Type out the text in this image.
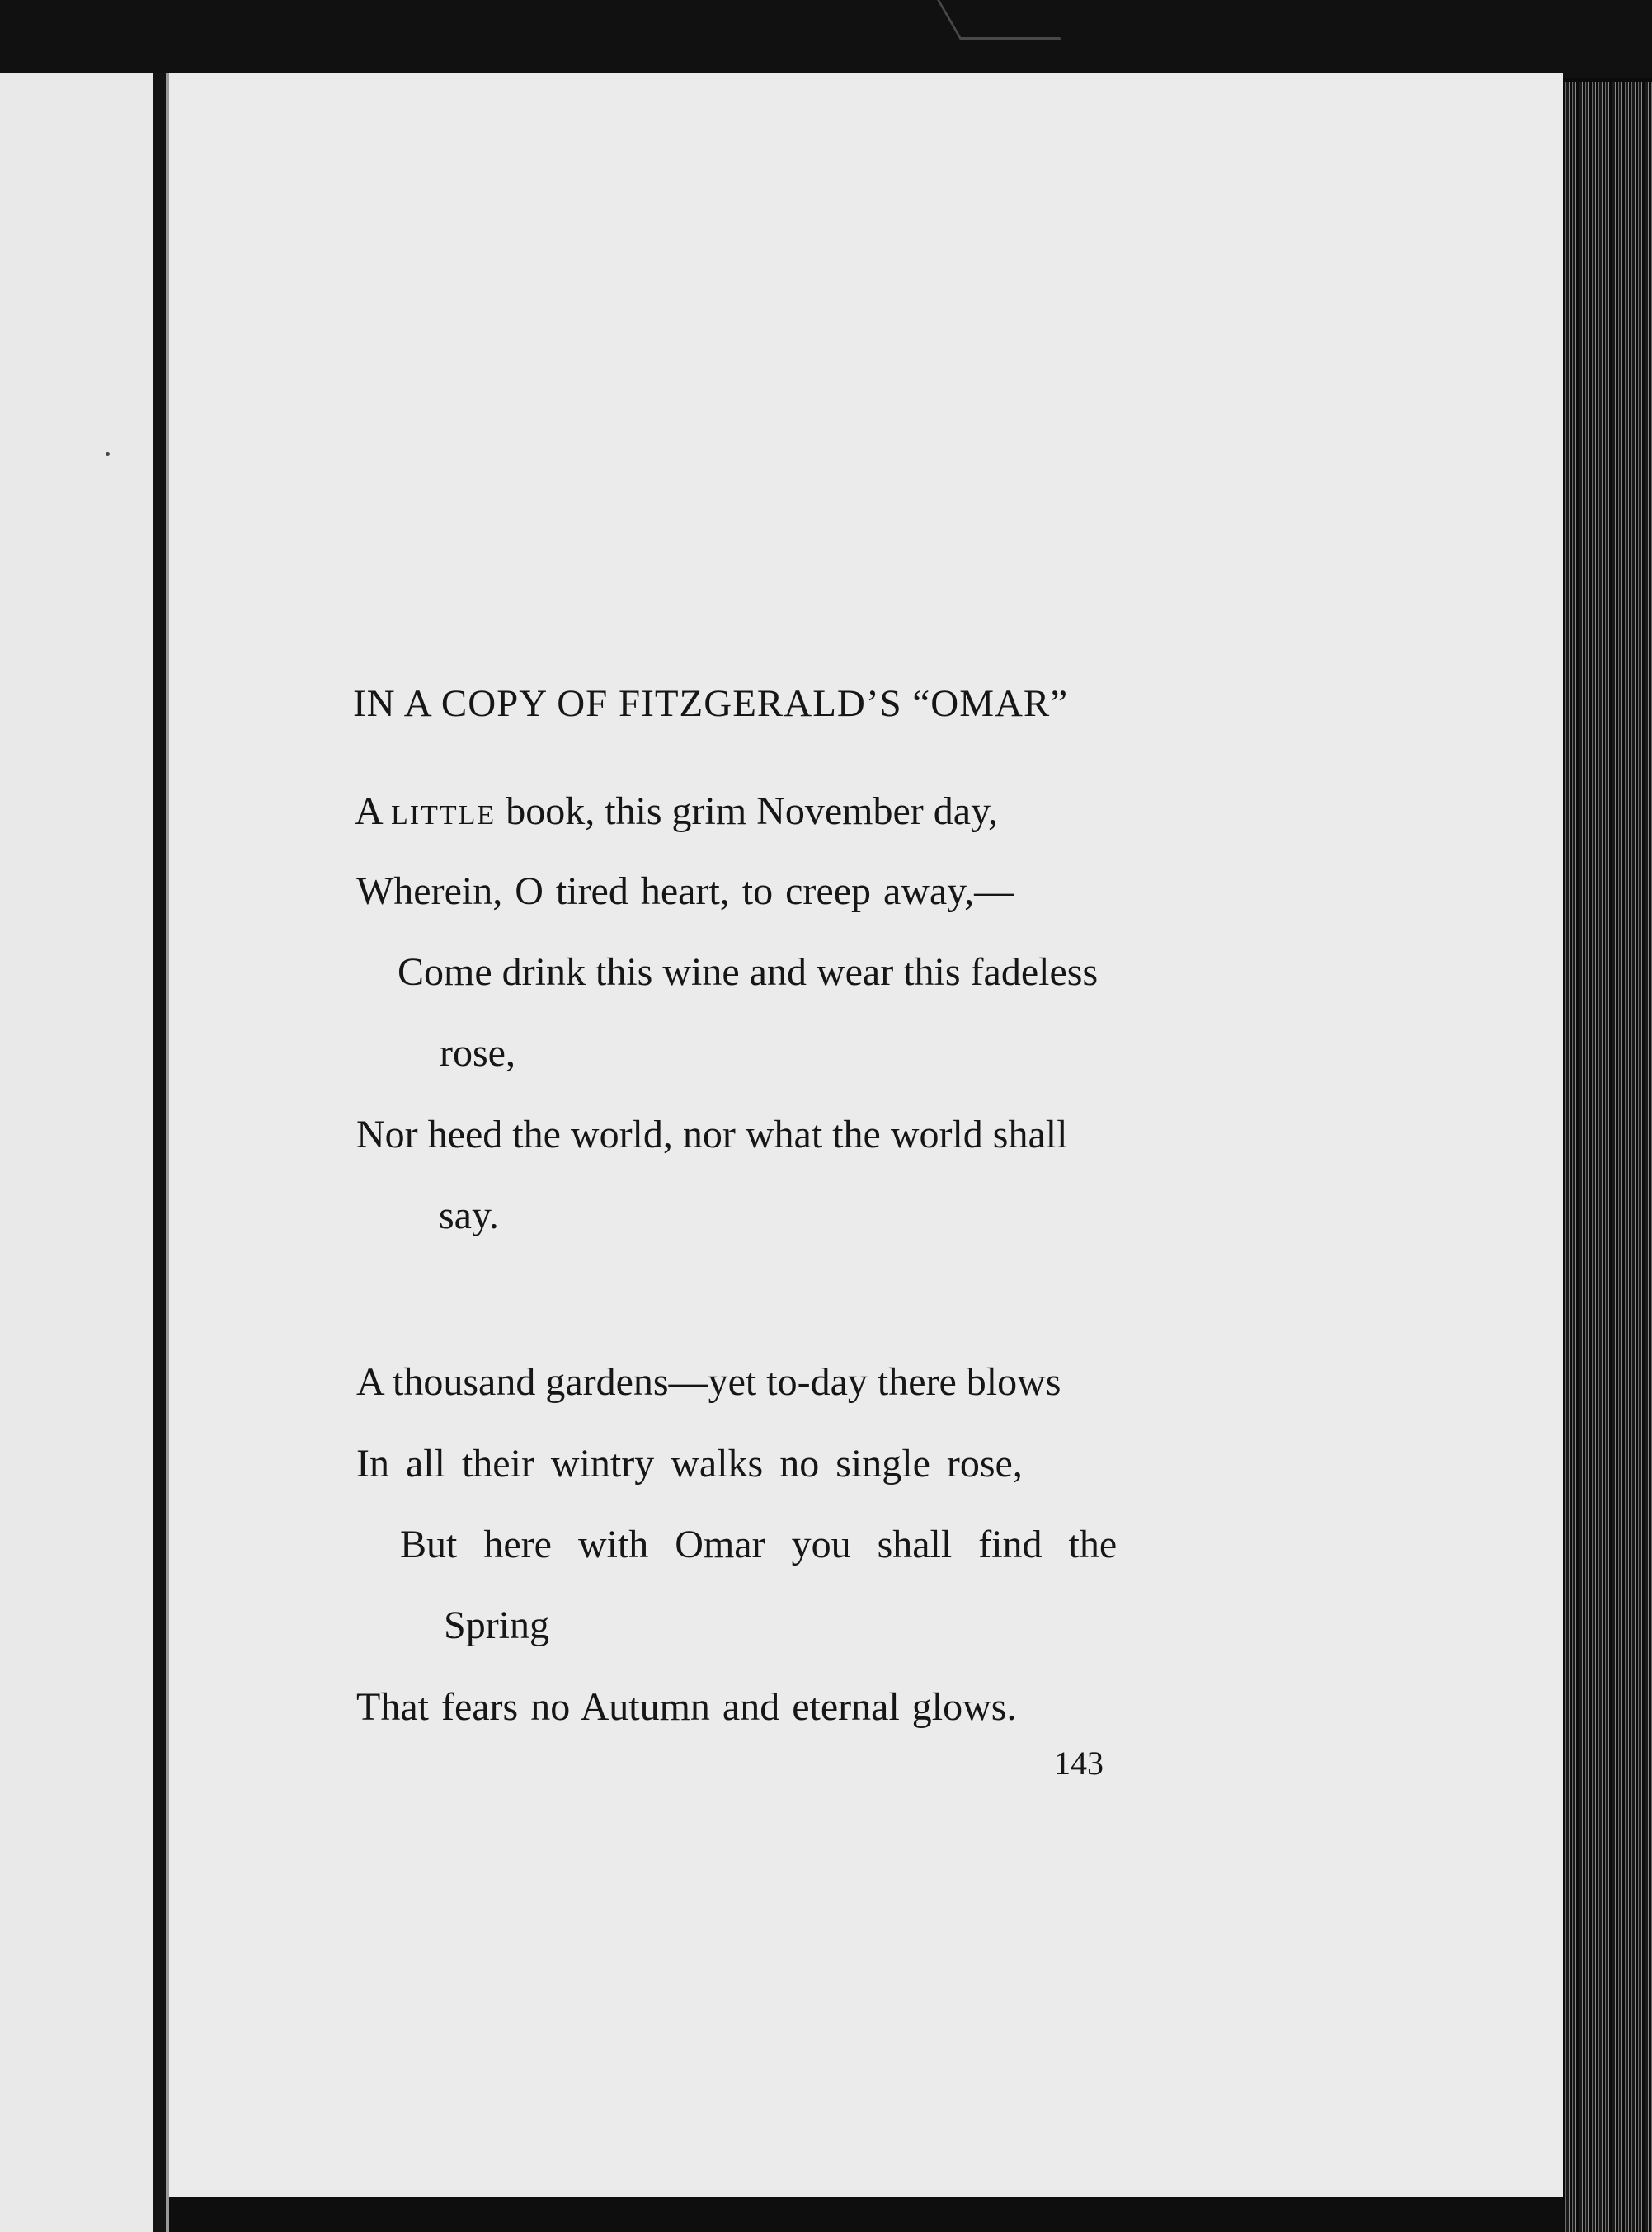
IN A COPY OF FITZGERALD’S “OMAR”
A little book, this grim November day,
Wherein, O tired heart, to creep away,—
Come drink this wine and wear this fadeless
rose,
Nor heed the world, nor what the world shall
say.
A thousand gardens—yet to-day there blows
In all their wintry walks no single rose,
But here with Omar you shall find the
Spring
That fears no Autumn and eternal glows.
143
